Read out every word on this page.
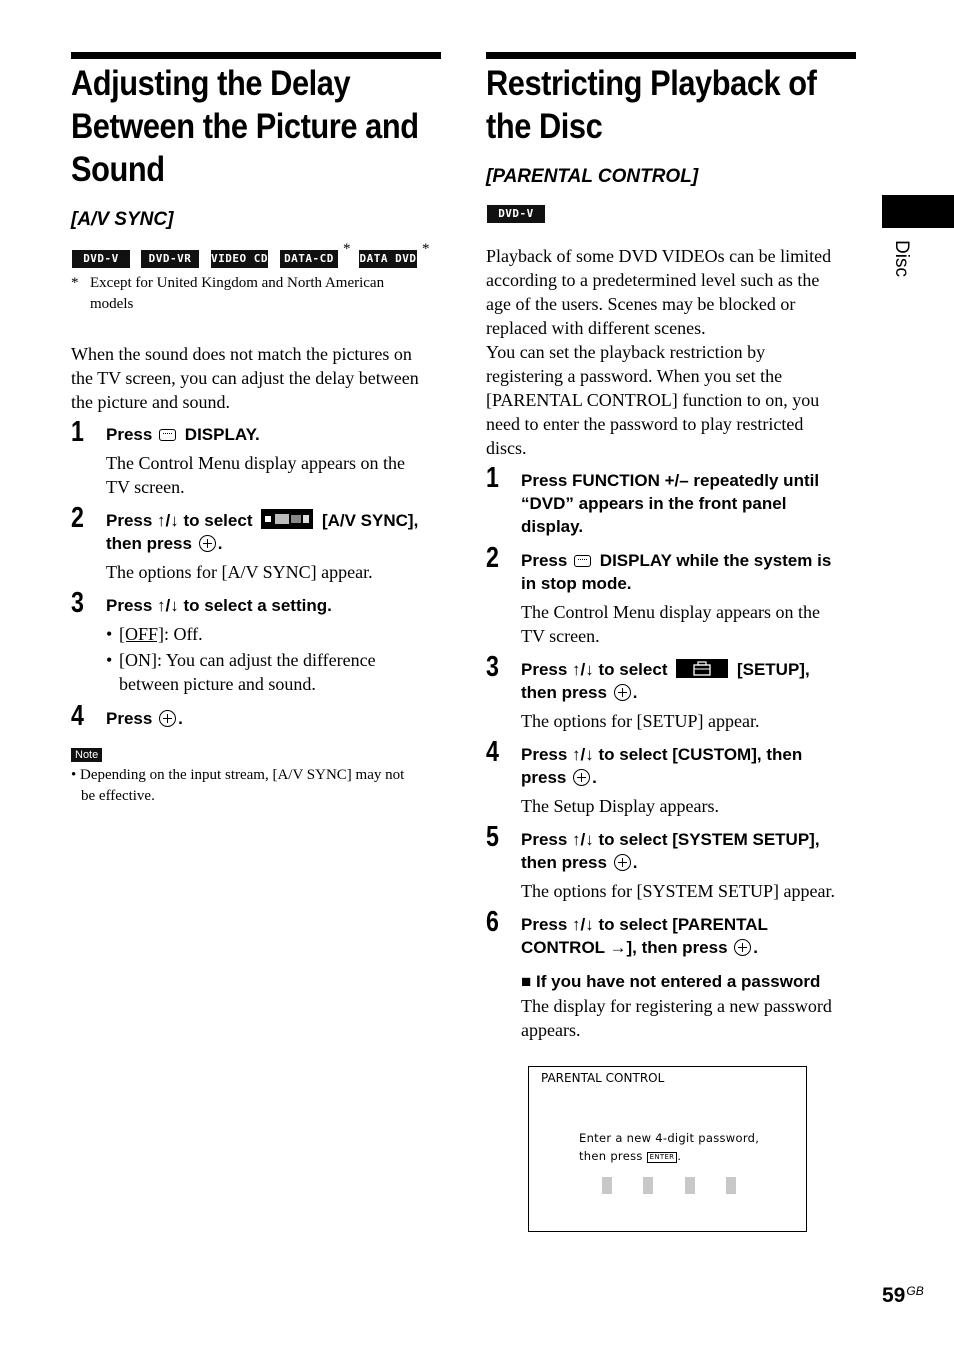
Adjusting the Delay
Between the Picture and
Sound
[A/V SYNC]
DVD-V	DVD-VR	VIDEO CD	DATA-CD
*
DATA DVD
*
* Except for United Kingdom and North American
models
When the sound does not match the pictures on
the TV screen, you can adjust the delay between
the picture and sound.
1 Press DISPLAY.
The Control Menu display appears on the
TV screen.
2 Press ↑/↓ to select	[A/V SYNC],
then press .
The options for [A/V SYNC] appear.
3 Press ↑/↓ to select a setting.
• [OFF]: Off.
• [ON]: You can adjust the difference
between picture and sound.
4 Press .
Note
• Depending on the input stream, [A/V SYNC] may not
be effective.
Restricting Playback of
the Disc
[PARENTAL CONTROL]
DVD-V
Playback of some DVD VIDEOs can be limited
according to a predetermined level such as the
age of the users. Scenes may be blocked or
replaced with different scenes.
You can set the playback restriction by
registering a password. When you set the
[PARENTAL CONTROL] function to on, you
need to enter the password to play restricted
discs.
1 Press FUNCTION +/– repeatedly until
“DVD” appears in the front panel
display.
2 Press DISPLAY while the system is
in stop mode.
The Control Menu display appears on the
TV screen.
3 Press ↑/↓ to select	[SETUP],
then press .
The options for [SETUP] appear.
4 Press ↑/↓ to select [CUSTOM], then
press .
The Setup Display appears.
5 Press ↑/↓ to select [SYSTEM SETUP],
then press .
The options for [SYSTEM SETUP] appear.
6 Press ↑/↓ to select [PARENTAL
CONTROL →], then press .
■ If you have not entered a password
The display for registering a new password
appears.
PARENTAL CONTROL
Enter a new 4-digit password,
then press ENTER .
Disc
$59^{GB}$
